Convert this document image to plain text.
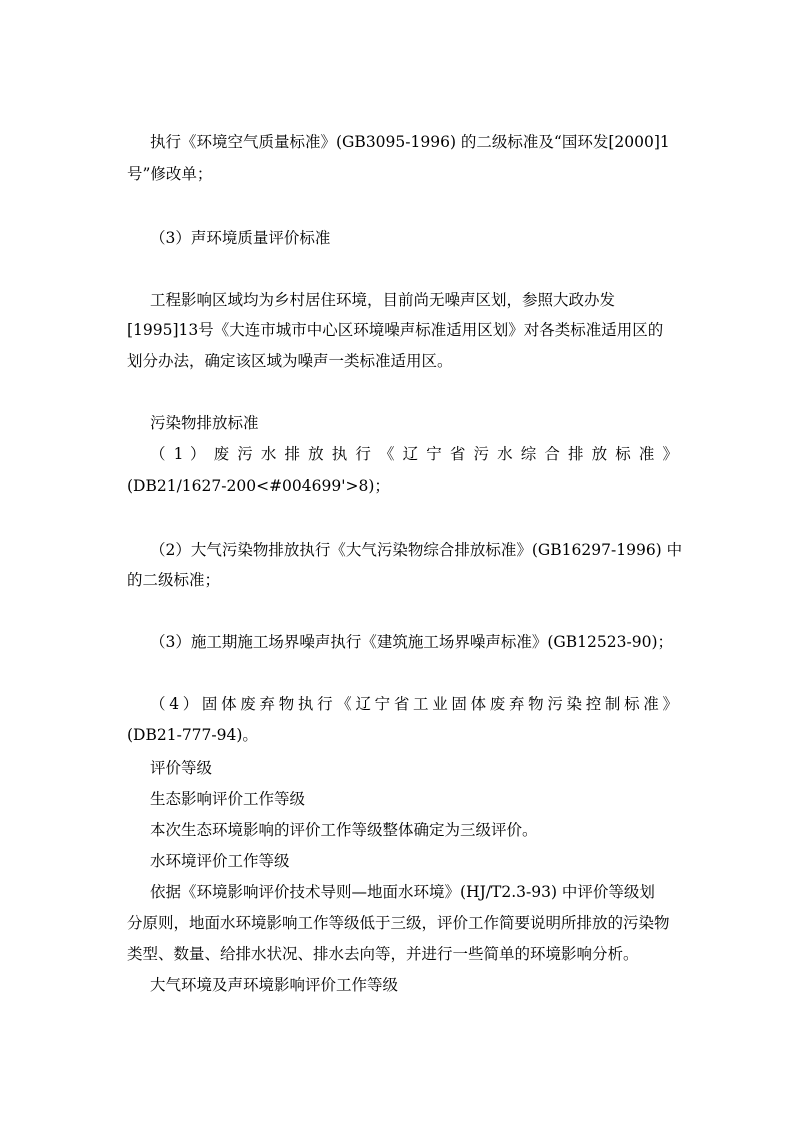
执行《环境空气质量标准》(GB3095-1996) 的二级标准及“国环发[2000]1
号”修改单；
（3）声环境质量评价标准
工程影响区域均为乡村居住环境，目前尚无噪声区划，参照大政办发
[1995]13号《大连市城市中心区环境噪声标准适用区划》对各类标准适用区的
划分办法，确定该区域为噪声一类标准适用区。
污染物排放标准
（ 1 ） 废 污 水 排 放 执 行 《 辽 宁 省 污 水 综 合 排 放 标 准 》
(DB21/1627-200<#004699'>8)；
（2）大气污染物排放执行《大气污染物综合排放标准》(GB16297-1996) 中
的二级标准；
（3）施工期施工场界噪声执行《建筑施工场界噪声标准》(GB12523-90)；
（4）固体废弃物执行《辽宁省工业固体废弃物污染控制标准》
(DB21-777-94)。
评价等级
生态影响评价工作等级
本次生态环境影响的评价工作等级整体确定为三级评价。
水环境评价工作等级
依据《环境影响评价技术导则—地面水环境》(HJ/T2.3-93) 中评价等级划
分原则，地面水环境影响工作等级低于三级，评价工作简要说明所排放的污染物
类型、数量、给排水状况、排水去向等，并进行一些简单的环境影响分析。
大气环境及声环境影响评价工作等级
